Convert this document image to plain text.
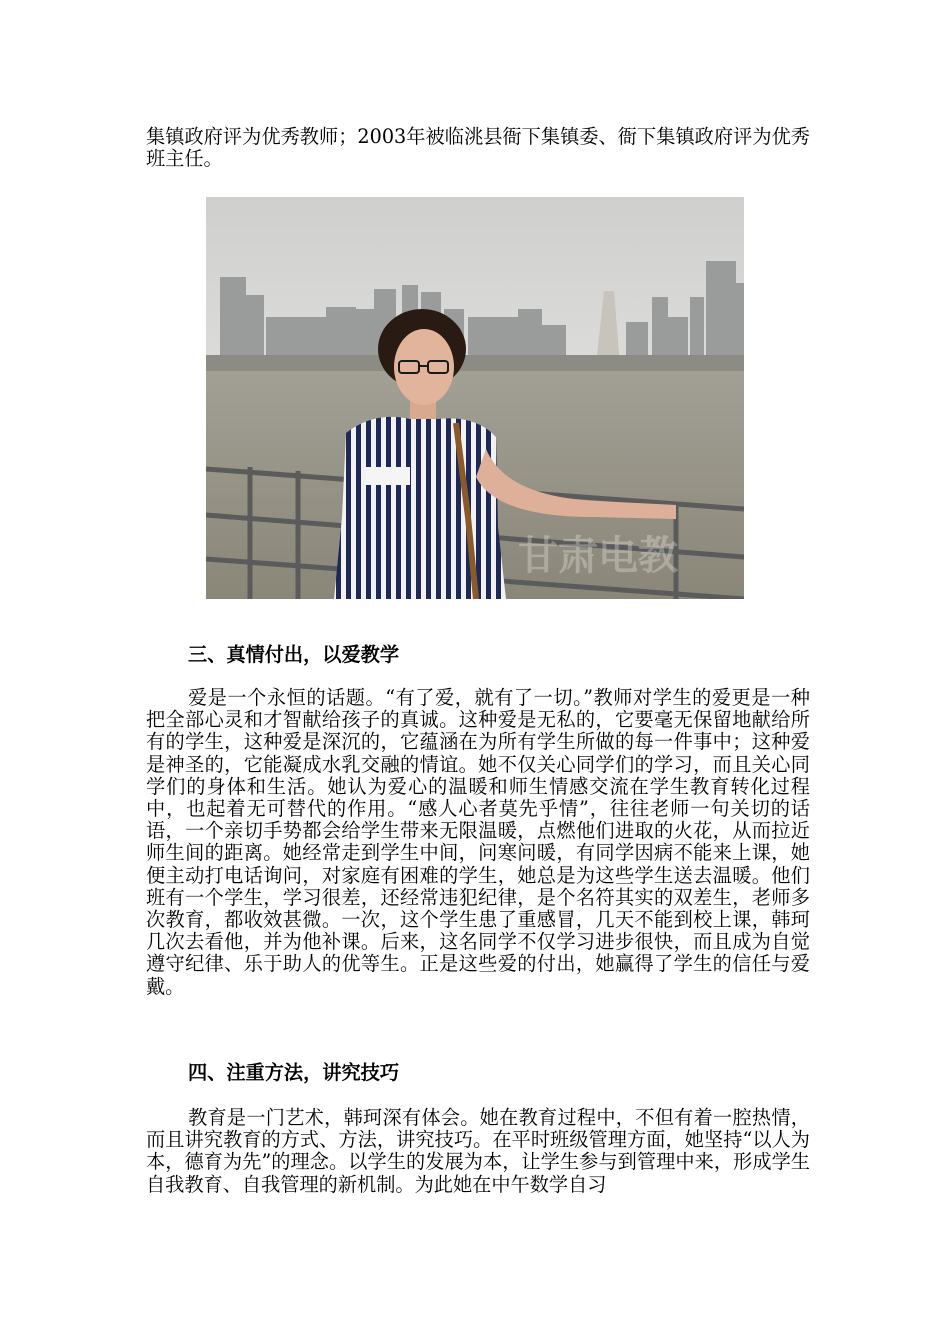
集镇政府评为优秀教师；2003年被临洮县衙下集镇委、衙下集镇政府评为优秀班主任。

甘肃电教
三、真情付出，以爱教学

爱是一个永恒的话题。“有了爱，就有了一切。”教师对学生的爱更是一种把全部心灵和才智献给孩子的真诚。这种爱是无私的，它要毫无保留地献给所有的学生，这种爱是深沉的，它蕴涵在为所有学生所做的每一件事中；这种爱是神圣的，它能凝成水乳交融的情谊。她不仅关心同学们的学习，而且关心同学们的身体和生活。她认为爱心的温暖和师生情感交流在学生教育转化过程中，也起着无可替代的作用。“感人心者莫先乎情”，往往老师一句关切的话语，一个亲切手势都会给学生带来无限温暖，点燃他们进取的火花，从而拉近师生间的距离。她经常走到学生中间，问寒问暖，有同学因病不能来上课，她便主动打电话询问，对家庭有困难的学生，她总是为这些学生送去温暖。他们班有一个学生，学习很差，还经常违犯纪律，是个名符其实的双差生，老师多次教育，都收效甚微。一次，这个学生患了重感冒，几天不能到校上课，韩珂几次去看他，并为他补课。后来，这名同学不仅学习进步很快，而且成为自觉遵守纪律、乐于助人的优等生。正是这些爱的付出，她赢得了学生的信任与爱戴。

四、注重方法，讲究技巧

教育是一门艺术，韩珂深有体会。她在教育过程中，不但有着一腔热情，而且讲究教育的方式、方法，讲究技巧。在平时班级管理方面，她坚持“以人为本，德育为先”的理念。以学生的发展为本，让学生参与到管理中来，形成学生自我教育、自我管理的新机制。为此她在中午数学自习
